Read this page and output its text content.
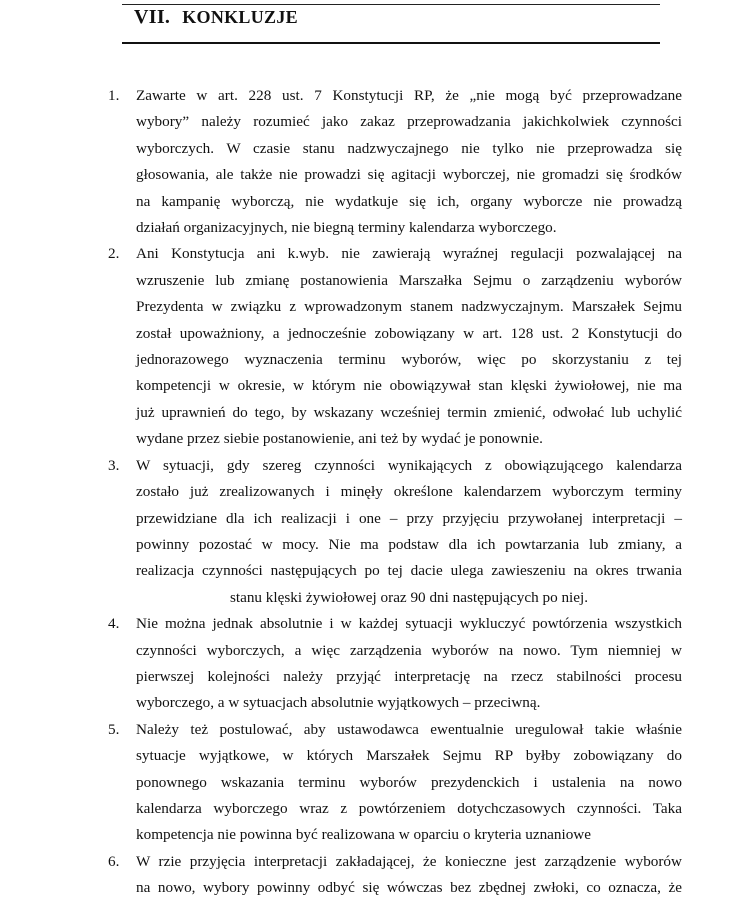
VII. KONKLUZJE
1.	Zawarte w art. 228 ust. 7 Konstytucji RP, że „nie mogą być przeprowadzane
wybory” należy rozumieć jako zakaz przeprowadzania jakichkolwiek czynności
wyborczych. W czasie stanu nadzwyczajnego nie tylko nie przeprowadza się
głosowania, ale także nie prowadzi się agitacji wyborczej, nie gromadzi się środków
na kampanię wyborczą, nie wydatkuje się ich, organy wyborcze nie prowadzą
działań organizacyjnych, nie biegną terminy kalendarza wyborczego.
2.	Ani Konstytucja ani k.wyb. nie zawierają wyraźnej regulacji pozwalającej na
wzruszenie lub zmianę postanowienia Marszałka Sejmu o zarządzeniu wyborów
Prezydenta w związku z wprowadzonym stanem nadzwyczajnym. Marszałek Sejmu
został upoważniony, a jednocześnie zobowiązany w art. 128 ust. 2 Konstytucji do
jednorazowego wyznaczenia terminu wyborów, więc po skorzystaniu z tej
kompetencji w okresie, w którym nie obowiązywał stan klęski żywiołowej, nie ma
już uprawnień do tego, by wskazany wcześniej termin zmienić, odwołać lub uchylić
wydane przez siebie postanowienie, ani też by wydać je ponownie.
3.	W sytuacji, gdy szereg czynności wynikających z obowiązującego kalendarza
zostało już zrealizowanych i minęły określone kalendarzem wyborczym terminy
przewidziane dla ich realizacji i one – przy przyjęciu przywołanej interpretacji –
powinny pozostać w mocy. Nie ma podstaw dla ich powtarzania lub zmiany, a
realizacja czynności następujących po tej dacie ulega zawieszeniu na okres trwania
stanu klęski żywiołowej oraz 90 dni następujących po niej.
4.	Nie można jednak absolutnie i w każdej sytuacji wykluczyć powtórzenia wszystkich
czynności wyborczych, a więc zarządzenia wyborów na nowo. Tym niemniej w
pierwszej kolejności należy przyjąć interpretację na rzecz stabilności procesu
wyborczego, a w sytuacjach absolutnie wyjątkowych – przeciwną.
5.	Należy też postulować, aby ustawodawca ewentualnie uregulował takie właśnie
sytuacje wyjątkowe, w których Marszałek Sejmu RP byłby zobowiązany do
ponownego wskazania terminu wyborów prezydenckich i ustalenia na nowo
kalendarza wyborczego wraz z powtórzeniem dotychczasowych czynności. Taka
kompetencja nie powinna być realizowana w oparciu o kryteria uznaniowe
6.	W rzie przyjęcia interpretacji zakładającej, że konieczne jest zarządzenie wyborów
na nowo, wybory powinny odbyć się wówczas bez zbędnej zwłoki, co oznacza, że
